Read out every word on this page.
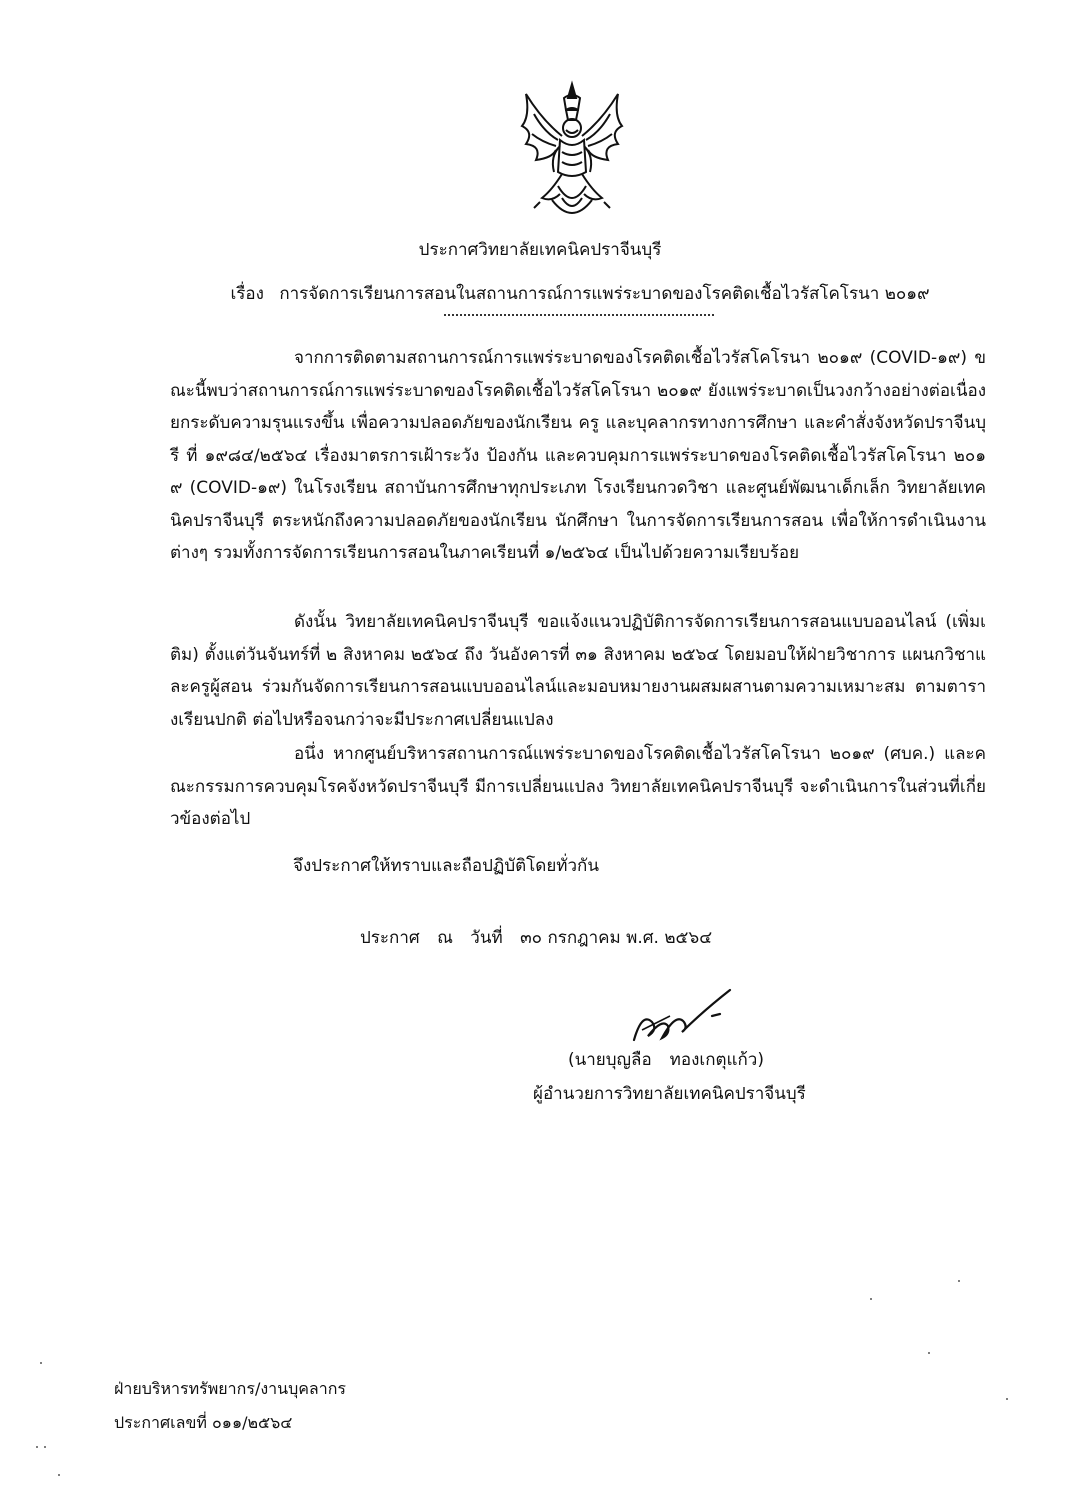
ประกาศวิทยาลัยเทคนิคปราจีนบุรี
เรื่อง การจัดการเรียนการสอนในสถานการณ์การแพร่ระบาดของโรคติดเชื้อไวรัสโคโรนา ๒๐๑๙

จากการติดตามสถานการณ์การแพร่ระบาดของโรคติดเชื้อไวรัสโคโรนา ๒๐๑๙ (COVID-๑๙) ขณะนี้พบว่าสถานการณ์การแพร่ระบาดของโรคติดเชื้อไวรัสโคโรนา ๒๐๑๙ ยังแพร่ระบาดเป็นวงกว้างอย่างต่อเนื่อง ยกระดับความรุนแรงขึ้น เพื่อความปลอดภัยของนักเรียน ครู และบุคลากรทางการศึกษา และคำสั่งจังหวัดปราจีนบุรี ที่ ๑๙๘๔/๒๕๖๔ เรื่องมาตรการเฝ้าระวัง ป้องกัน และควบคุมการแพร่ระบาดของโรคติดเชื้อไวรัสโคโรนา ๒๐๑๙ (COVID-๑๙) ในโรงเรียน สถาบันการศึกษาทุกประเภท โรงเรียนกวดวิชา และศูนย์พัฒนาเด็กเล็ก วิทยาลัยเทคนิคปราจีนบุรี ตระหนักถึงความปลอดภัยของนักเรียน นักศึกษา ในการจัดการเรียนการสอน เพื่อให้การดำเนินงานต่างๆ รวมทั้งการจัดการเรียนการสอนในภาคเรียนที่ ๑/๒๕๖๔ เป็นไปด้วยความเรียบร้อย

ดังนั้น วิทยาลัยเทคนิคปราจีนบุรี ขอแจ้งแนวปฏิบัติการจัดการเรียนการสอนแบบออนไลน์ (เพิ่มเติม) ตั้งแต่วันจันทร์ที่ ๒ สิงหาคม ๒๕๖๔ ถึง วันอังคารที่ ๓๑ สิงหาคม ๒๕๖๔ โดยมอบให้ฝ่ายวิชาการ แผนกวิชาและครูผู้สอน ร่วมกันจัดการเรียนการสอนแบบออนไลน์และมอบหมายงานผสมผสานตามความเหมาะสม ตามตารางเรียนปกติ ต่อไปหรือจนกว่าจะมีประกาศเปลี่ยนแปลง

อนึ่ง หากศูนย์บริหารสถานการณ์แพร่ระบาดของโรคติดเชื้อไวรัสโคโรนา ๒๐๑๙ (ศบค.) และคณะกรรมการควบคุมโรคจังหวัดปราจีนบุรี มีการเปลี่ยนแปลง วิทยาลัยเทคนิคปราจีนบุรี จะดำเนินการในส่วนที่เกี่ยวข้องต่อไป

จึงประกาศให้ทราบและถือปฏิบัติโดยทั่วกัน
ประกาศ ณ วันที่ ๓๐ กรกฎาคม พ.ศ. ๒๕๖๔
(นายบุญลือ ทองเกตุแก้ว)
ผู้อำนวยการวิทยาลัยเทคนิคปราจีนบุรี
ฝ่ายบริหารทรัพยากร/งานบุคลากร
ประกาศเลขที่ ๐๑๑/๒๕๖๔
